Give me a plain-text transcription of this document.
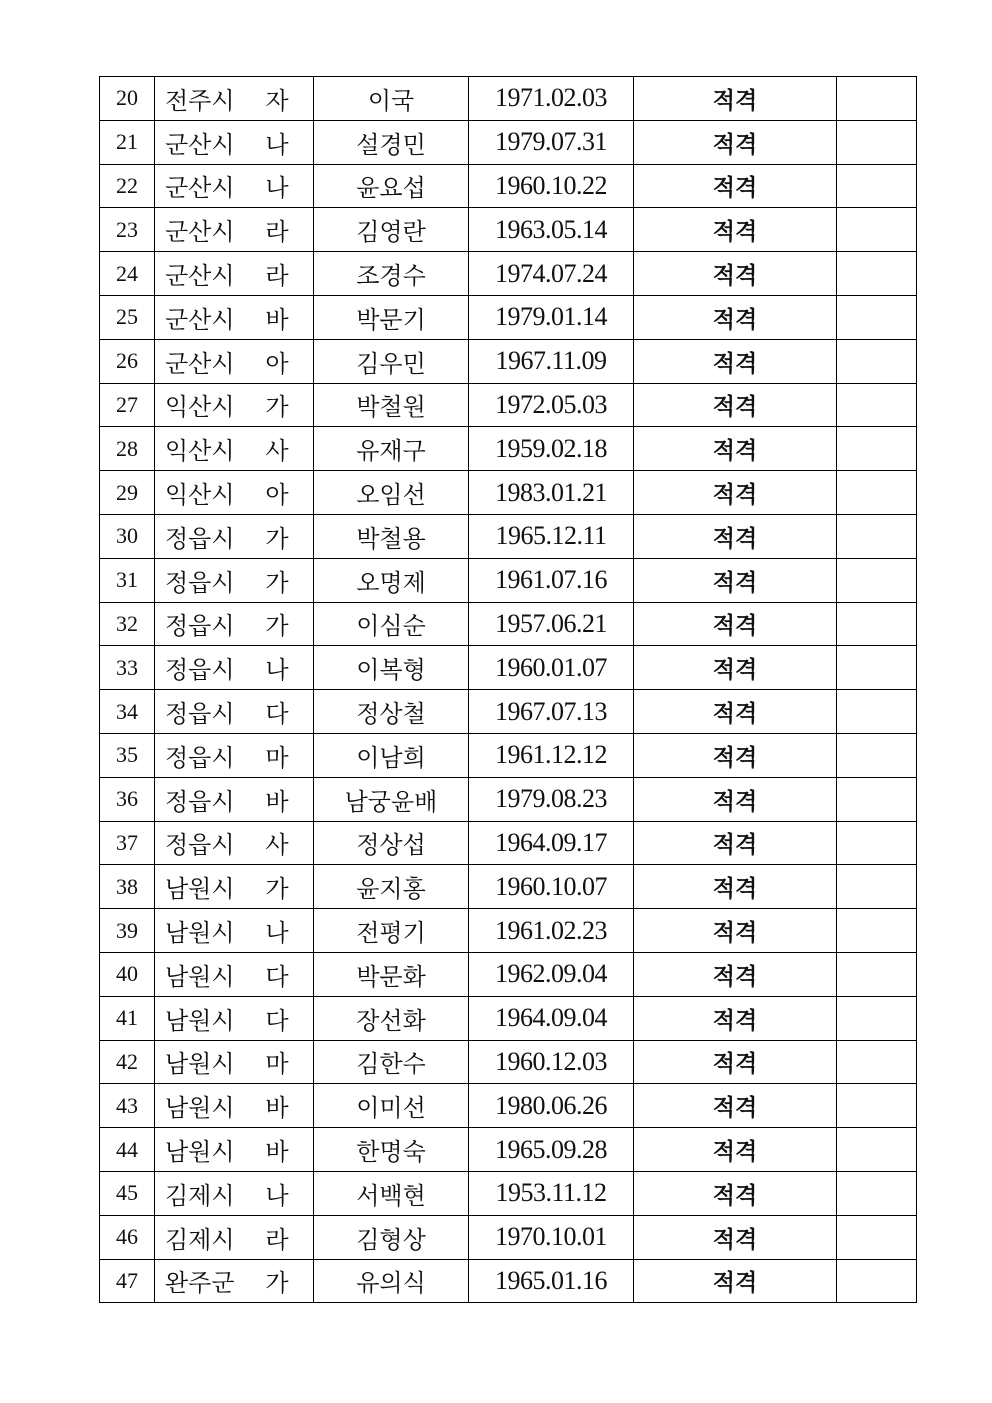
20	전주시 자	이국	1971.02.03	적격	
21	군산시 나	설경민	1979.07.31	적격	
22	군산시 나	윤요섭	1960.10.22	적격	
23	군산시 라	김영란	1963.05.14	적격	
24	군산시 라	조경수	1974.07.24	적격	
25	군산시 바	박문기	1979.01.14	적격	
26	군산시 아	김우민	1967.11.09	적격	
27	익산시 가	박철원	1972.05.03	적격	
28	익산시 사	유재구	1959.02.18	적격	
29	익산시 아	오임선	1983.01.21	적격	
30	정읍시 가	박철용	1965.12.11	적격	
31	정읍시 가	오명제	1961.07.16	적격	
32	정읍시 가	이심순	1957.06.21	적격	
33	정읍시 나	이복형	1960.01.07	적격	
34	정읍시 다	정상철	1967.07.13	적격	
35	정읍시 마	이남희	1961.12.12	적격	
36	정읍시 바	남궁윤배	1979.08.23	적격	
37	정읍시 사	정상섭	1964.09.17	적격	
38	남원시 가	윤지홍	1960.10.07	적격	
39	남원시 나	전평기	1961.02.23	적격	
40	남원시 다	박문화	1962.09.04	적격	
41	남원시 다	장선화	1964.09.04	적격	
42	남원시 마	김한수	1960.12.03	적격	
43	남원시 바	이미선	1980.06.26	적격	
44	남원시 바	한명숙	1965.09.28	적격	
45	김제시 나	서백현	1953.11.12	적격	
46	김제시 라	김형상	1970.10.01	적격	
47	완주군 가	유의식	1965.01.16	적격	
